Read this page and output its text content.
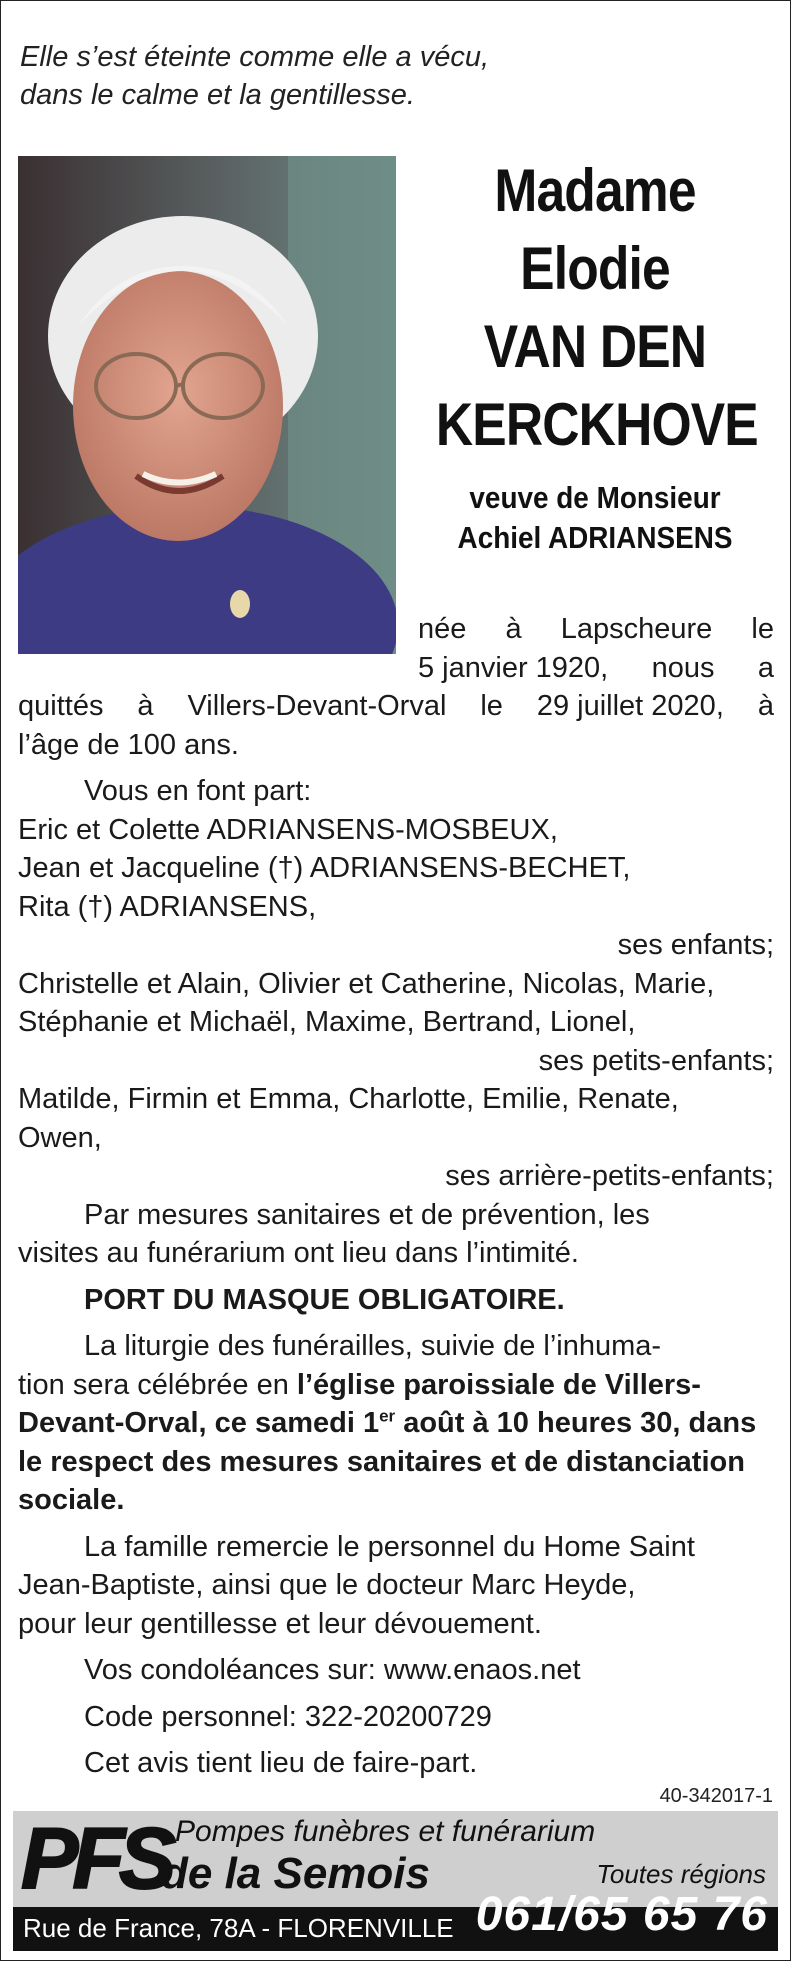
Elle s’est éteinte comme elle a vécu,
dans le calme et la gentillesse.
Madame
Elodie
VAN DEN
KERCKHOVE
veuve de Monsieur
Achiel ADRIANSENS
née à Lapscheure le
5 janvier 1920, nous a
quittés à Villers-Devant-Orval le 29 juillet 2020, à
l’âge de 100 ans.
Vous en font part:
Eric et Colette ADRIANSENS-MOSBEUX,
Jean et Jacqueline (†) ADRIANSENS-BECHET,
Rita (†) ADRIANSENS,
ses enfants;
Christelle et Alain, Olivier et Catherine, Nicolas, Marie,
Stéphanie et Michaël, Maxime, Bertrand, Lionel,
ses petits-enfants;
Matilde, Firmin et Emma, Charlotte, Emilie, Renate,
Owen,
ses arrière-petits-enfants;
Par mesures sanitaires et de prévention, les
visites au funérarium ont lieu dans l’intimité.
PORT DU MASQUE OBLIGATOIRE.
La liturgie des funérailles, suivie de l’inhuma-
tion sera célébrée en l’église paroissiale de Villers-
Devant-Orval, ce samedi 1er août à 10 heures 30, dans
le respect des mesures sanitaires et de distanciation
sociale.
La famille remercie le personnel du Home Saint
Jean-Baptiste, ainsi que le docteur Marc Heyde,
pour leur gentillesse et leur dévouement.
Vos condoléances sur: www.enaos.net
Code personnel: 322-20200729
Cet avis tient lieu de faire-part.
40-342017-1
PFS Pompes funèbres et funérarium
de la Semois	Toutes régions
Rue de France, 78A - FLORENVILLE 061/65 65 76
